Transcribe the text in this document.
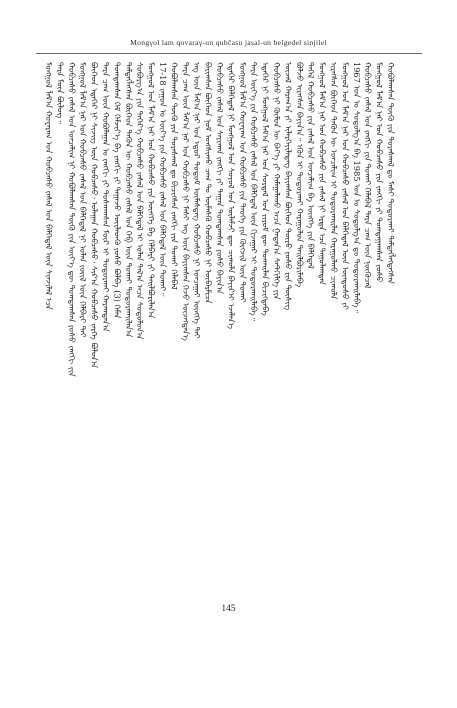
Mongγol lam quvaraγ-un qubčasu jasal-un belgedel sinjilel
ᠮᠣᠩᠭᠣᠯ ᠯᠠᠮ᠎ᠠ ᠬᠤᠸᠠᠷᠠᠭ ᠤᠨ ᠬᠤᠪᠴᠠᠰᠤ ᠵᠠᠰᠠᠯ ᠤᠨ ᠪᠡᠯᠭᠡᠳᠡᠯ ᠦᠨ ᠰᠢᠨᠵᠢᠯᠡᠯ ᠡᠴᠡ ᠲᠡᠷᠡ ᠮᠦᠨ ᠪᠦᠯᠦᠭ᠃ ᠬᠤᠪᠴᠠᠰᠤ ᠵᠠᠰᠠᠯ ᠤᠨ ᠣᠨᠴᠠᠯᠢᠭ ᠨᠢ ᠬᠤᠪᠤᠯᠠᠭᠰᠠᠨ ᠲᠦᠬᠦ ᠶᠢᠨ ᠦᠶ᠎ᠡ ᠳᠦ ᠲᠣᠭᠲᠠᠭᠰᠠᠨ ᠶᠣᠰᠤ ᠵᠠᠩᠬᠢ ᠶᠢᠨ ᠮᠣᠩᠭᠣᠯ ᠯᠠᠮ᠎ᠠ ᠨᠠᠷ ᠤᠨ ᠬᠤᠪᠴᠠᠰᠤ ᠵᠠᠰᠠᠯ ᠤᠨ ᠪᠡᠯᠭᠡᠳᠡᠯ ᠨᠢ ᠣᠯᠠᠨ ᠵᠦᠢᠯ ᠦᠨ ᠬᠡᠯᠪᠡᠷᠢ ᠲᠡᠢ ᠪᠥᠭᠡᠳ ᠡᠳᠡᠭᠡᠷ ᠨᠢ ᠰᠢᠵᠢᠭ ᠦᠨ ᠬᠤᠪᠴᠠᠰᠤ᠂ ᠤᠯᠠᠭᠠᠨ ᠬᠤᠪᠴᠠᠰᠤ᠂ ᠰᠢᠷ᠎ᠠ ᠬᠤᠪᠴᠠᠰᠤ ᠵᠡᠷᠭᠡ ᠪᠣᠯᠤᠨ᠎ᠠ ᠲᠡᠷᠡ ᠴᠠᠭ ᠦᠨ ᠬᠤᠪᠤᠯᠠᠭᠠᠨ ᠤ ᠵᠠᠩᠬᠢ ᠶᠢ ᠲᠤᠰᠬᠠᠭᠰᠠᠨ ᠮᠦᠷ ᠢ ᠲᠣᠳᠣᠷᠬᠠᠢ ᠬᠠᠷᠠᠭᠳᠠᠨ᠎ᠠ ᠲᠣᠭᠲᠠᠭᠰᠠᠨ ᠬᠡᠮ ᠬᠡᠮᠵᠢᠶ᠎ᠡ ᠪᠠ ᠵᠠᠩᠬᠢ ᠶᠢ ᠳᠠᠭᠠᠵᠤ ᠦᠢᠯᠡᠳᠬᠦ ᠶᠣᠰᠤ ᠪᠣᠯᠪᠠ (3) ᠬᠡᠮᠡᠨ ᠲᠡᠮᠳᠡᠭᠯᠡᠭᠰᠡᠨ ᠪᠥᠭᠡᠳ ᠲᠡᠭᠦᠨ ᠦ ᠬᠤᠪᠴᠠᠰᠤ ᠵᠠᠰᠠᠯ ᠤᠨ ᠬᠡᠪ ᠦᠨ ᠲᠤᠬᠠᠢ ᠲᠣᠳᠣᠷᠬᠠᠢᠯᠠᠨ᠎ᠠ ᠰᠤᠪᠤᠷᠭ᠎ᠠ ᠶᠢᠨ ᠳᠡᠭᠡᠷ᠎ᠡ ᠬᠤᠪᠴᠠᠰᠤ ᠵᠠᠰᠠᠯ ᠤᠨ ᠪᠡᠯᠭᠡᠳᠡᠯ ᠢ ᠣᠯᠠᠨ ᠲᠠᠯ᠎ᠠ ᠠᠴᠠ ᠰᠤᠳᠤᠯᠤᠨ᠎ᠠ ᠮᠣᠩᠭᠣᠯ ᠤᠨ ᠯᠠᠮ᠎ᠠ ᠨᠠᠷ ᠤᠨ ᠬᠤᠪᠴᠠᠰᠤ ᠶᠢᠨ ᠦᠨᠭᠭᠡ ᠪᠠ ᠬᠡᠯᠪᠡᠷᠢ ᠶᠢ ᠲᠠᠢᠯᠪᠤᠷᠢᠯᠠᠨ᠎ᠠ 17-18 ᠵᠠᠭᠤᠨ ᠤ ᠦᠶ᠎ᠡ ᠶᠢᠨ ᠬᠤᠪᠴᠠᠰᠤ ᠵᠠᠰᠠᠯ ᠤᠨ ᠪᠡᠯᠭᠡᠳᠡᠯ ᠦᠨ ᠲᠤᠬᠠᠢ᠃ ᠬᠤᠪᠤᠯᠠᠭᠰᠠᠨ ᠲᠦᠬᠦ ᠶᠢᠨ ᠳᠤᠷᠠᠰᠬᠠᠯ ᠳᠤ ᠪᠢᠴᠢᠭᠰᠡᠨ ᠵᠠᠩᠬᠢ ᠶᠢᠨ ᠲᠤᠬᠠᠢ ᠬᠡᠯᠡᠪᠡᠯ ᠲᠡᠷᠡ ᠴᠠᠭ ᠦᠨ ᠯᠠᠮ᠎ᠠ ᠨᠠᠷ ᠤᠨ ᠬᠤᠪᠴᠠᠰᠤ ᠨᠢ ᠮᠠᠰᠢ ᠡᠩ ᠦᠨ ᠪᠠᠶᠢᠭᠰᠠᠨ ᠭᠡᠵᠦ ᠦᠵᠡᠭᠳᠡᠨ᠎ᠡ ᠡᠩ ᠦᠨ ᠯᠠᠮ᠎ᠠ ᠨᠠᠷ ᠤᠨ ᠡᠳᠦᠷ ᠲᠤᠲᠤᠮ ᠦᠮᠡᠰᠳᠡᠭ ᠬᠤᠪᠴᠠᠰᠤ ᠨᠢ ᠣᠨᠴᠠᠭᠠᠢ ᠦᠩᠭᠡ ᠲᠡᠢ ᠪᠠᠶᠢᠭᠰᠠᠨ ᠪᠥᠭᠡᠳ ᠨᠣᠮ ᠤᠩᠰᠢᠬᠤ ᠴᠠᠭ ᠲᠤ ᠥᠮᠡᠰᠬᠦ ᠬᠤᠪᠴᠠᠰᠤ ᠨᠢ ᠥᠪᠡᠷᠮᠢᠴᠡ ᠬᠤᠪᠴᠠᠰᠤ ᠵᠠᠰᠠᠯ ᠤᠨ ᠰᠠᠶᠢᠬᠠᠨ ᠵᠠᠩᠬᠢ ᠶᠢ ᠳᠠᠭᠠᠨ ᠲᠣᠭᠲᠠᠭᠰᠠᠨ ᠶᠣᠰᠤ ᠪᠠᠶᠢᠨ᠎ᠠ ᠡᠳᠡᠭᠡᠷ ᠪᠡᠯᠭᠡᠳᠡᠯ ᠨᠢ ᠮᠣᠩᠭᠣᠯ ᠤᠨ ᠰᠤᠶᠤᠯ ᠤᠨ ᠦᠯᠡᠮᠵᠢ ᠳᠦ ᠴᠢᠬᠤᠯᠠ ᠪᠠᠶᠢᠷ᠎ᠢ ᠡᠵᠡᠯᠡᠨ᠎ᠡ ᠮᠣᠩᠭᠣᠯ ᠯᠠᠮ᠎ᠠ ᠬᠤᠸᠠᠷᠠᠭ ᠤᠨ ᠬᠤᠪᠴᠠᠰᠤ ᠶᠢᠨ ᠲᠡᠦᠬᠡ ᠶᠢᠨ ᠬᠥᠭᠵᠢᠯ ᠦᠨ ᠲᠤᠬᠠᠢ ᠲᠡᠷᠡ ᠦᠶ᠎ᠡ ᠶᠢᠨ ᠬᠤᠪᠴᠠᠰᠤ ᠵᠠᠰᠠᠯ ᠤᠨ ᠪᠡᠯᠭᠡᠳᠡᠯ ᠦᠨ ᠬᠢᠵᠠᠭᠠᠷ ᠢ ᠲᠣᠳᠣᠷᠬᠠᠢᠯᠠᠪᠠ᠃ ᠡᠳᠡᠭᠡᠷ ᠨᠢ ᠮᠣᠩᠭᠣᠯ ᠯᠠᠮ᠎ᠠ ᠨᠠᠷ ᠤᠨ ᠰᠤᠷᠳᠠᠯ ᠤᠨ ᠵᠢᠷᠤᠮ ᠳᠦ ᠲᠤᠬᠠᠢᠯᠠᠨ ᠪᠢᠴᠢᠭᠳᠡᠪᠡ ᠬᠤᠪᠴᠠᠰᠤ ᠨᠢ ᠬᠦᠮᠦᠨ ᠦ ᠪᠡᠶ᠎ᠡ ᠶᠢ ᠬᠠᠮᠠᠭᠠᠯᠠᠬᠤ ᠠᠴᠠ ᠭᠠᠳᠠᠨ᠎ᠠ ᠰᠡᠲᠬᠢᠯᠭᠡ ᠶᠢᠨ ᠦᠵᠡᠯ ᠬᠠᠷᠠᠭ᠎ᠠ ᠶᠢ ᠢᠯᠡᠷᠬᠡᠶᠢᠯᠡᠳᠡᠭ ᠪᠠᠶᠢᠭᠰᠠᠨ ᠪᠥᠭᠡᠳ ᠲᠦᠷᠦ ᠶᠣᠰᠤ ᠶᠢᠨ ᠲᠦᠰᠢᠭ ᠪᠣᠯᠵᠤ ᠢᠷᠡᠭᠰᠡᠨ ᠪᠠᠶᠢᠨ᠎ᠠ᠃ ᠡᠭᠦᠨ ᠢ ᠲᠣᠳᠣᠷᠬᠠᠢ ᠬᠠᠷᠠᠭᠤᠯᠤᠨ ᠲᠠᠢᠯᠪᠤᠷᠢᠯᠠᠪᠠ ᠳᠡᠭᠡᠯ ᠬᠤᠪᠴᠠᠰᠤ ᠶᠢᠨ ᠵᠠᠰᠠᠯ ᠤᠨ ᠣᠨᠴᠠᠯᠢᠭ ᠪᠠ ᠦᠩᠭᠡ ᠶᠢᠨ ᠪᠡᠯᠭᠡᠳᠡᠯ ᠮᠣᠩᠭᠣᠯ ᠯᠠᠮ᠎ᠠ ᠨᠠᠷ ᠤᠨ ᠬᠤᠪᠴᠠᠰᠤ ᠶᠢᠨ ᠵᠠᠰᠠᠯ ᠨᠢ ᠡᠷᠲᠡ ᠡᠴᠡ ᠳᠠᠭᠤᠯᠠᠭᠳᠠᠨ ᠢᠷᠡᠭᠰᠡᠨ ᠪᠥᠭᠡᠳ ᠲᠡᠭᠦᠨ ᠦ ᠣᠨᠴᠠᠯᠢᠭ ᠢ ᠲᠣᠳᠣᠷᠬᠠᠢᠯᠠᠨ ᠬᠠᠷᠠᠭᠤᠯᠬᠤ ᠴᠢᠬᠤᠯᠠ ᠮᠣᠩᠭᠣᠯ ᠤᠨ ᠯᠠᠮ᠎ᠠ ᠨᠠᠷ ᠤᠨ ᠬᠤᠪᠴᠠᠰᠤ ᠵᠠᠰᠠᠯ ᠤᠨ ᠪᠡᠯᠭᠡᠳᠡᠯ ᠦᠨ ᠦᠨᠳᠦᠰᠦ ᠶᠢ 1967 ᠣᠨ ᠤ ᠰᠤᠳᠤᠯᠭ᠎ᠠ ᠪᠠ 1985 ᠣᠨ ᠤ ᠰᠤᠳᠤᠯᠭ᠎ᠠ ᠳᠤ ᠲᠣᠳᠣᠷᠬᠠᠢᠯᠠᠪᠠ᠃ ᠬᠤᠪᠴᠠᠰᠤ ᠵᠠᠰᠠᠯ ᠤᠨ ᠵᠠᠩᠬᠢ ᠶᠢᠨ ᠲᠤᠬᠠᠢ ᠬᠡᠯᠡᠪᠡᠯ ᠲᠡᠷᠡ ᠴᠠᠭ ᠦᠨ ᠨᠥᠬᠦᠴᠡᠯ ᠮᠣᠩᠭᠣᠯ ᠯᠠᠮ᠎ᠠ ᠨᠠᠷ ᠤᠨ ᠬᠤᠪᠴᠠᠰᠤ ᠶᠢᠨ ᠵᠠᠩᠬᠢ ᠶᠢ ᠲᠣᠭᠲᠠᠭᠠᠭᠰᠠᠨ ᠶᠣᠰᠤ ᠬᠤᠪᠤᠯᠠᠭᠰᠠᠨ ᠲᠦᠬᠦ ᠶᠢᠨ ᠳᠤᠷᠠᠰᠬᠠᠯ ᠳᠤ ᠮᠠᠰᠢ ᠲᠣᠳᠣᠷᠬᠠᠢ ᠲᠡᠮᠳᠡᠭᠯᠡᠭᠳᠡᠭᠰᠡᠨ
145
